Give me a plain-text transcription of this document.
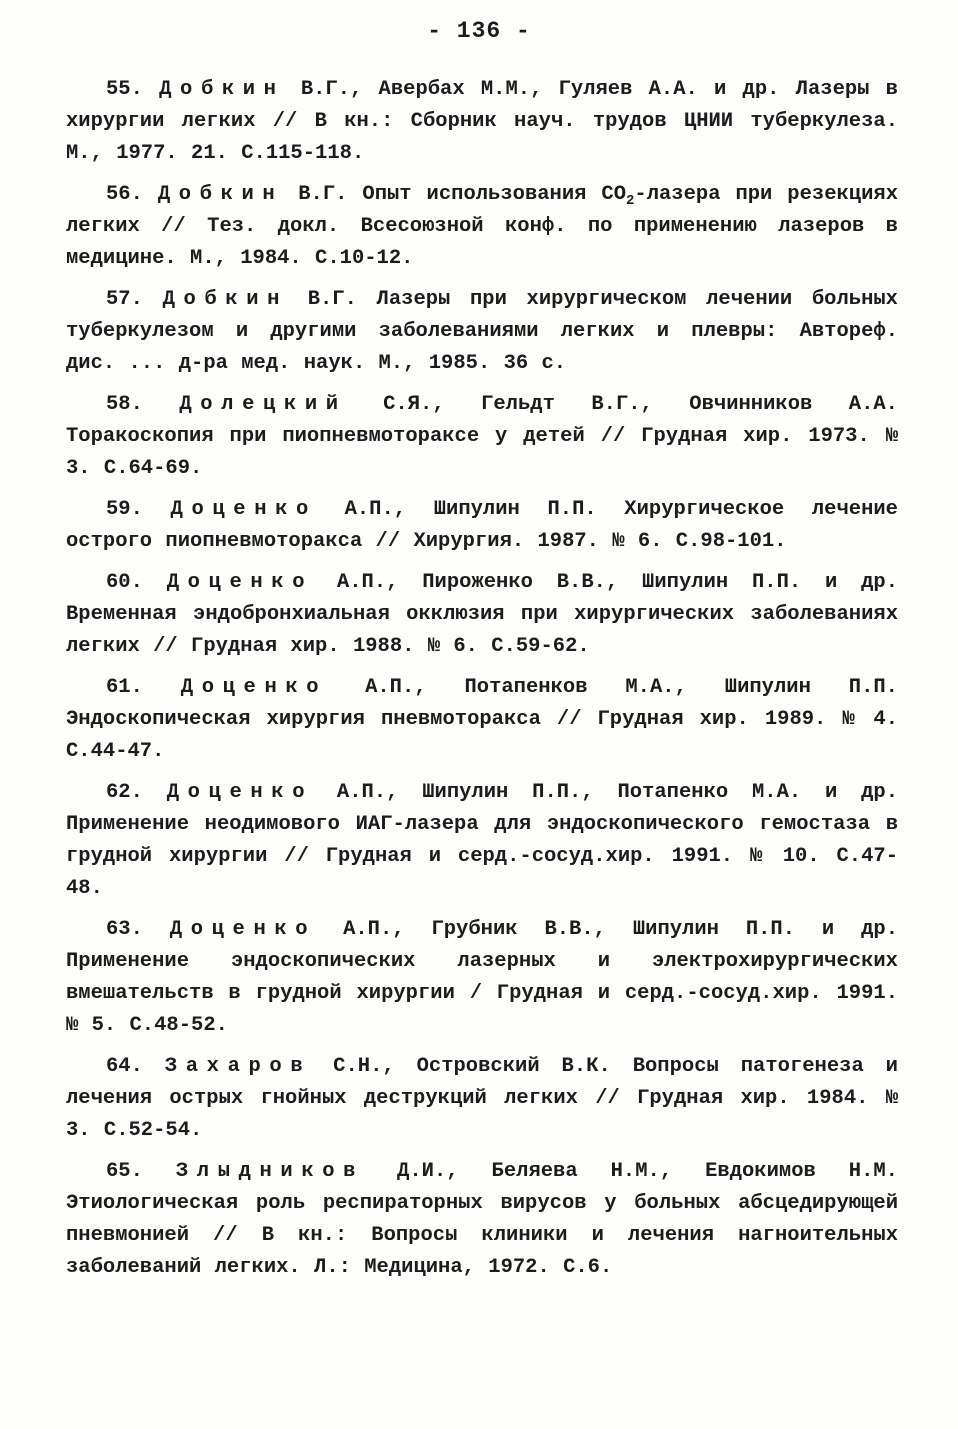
- 136 -

55. Добкин В.Г., Авербах М.М., Гуляев А.А. и др. Лазеры в хирургии легких // В кн.: Сборник науч. трудов ЦНИИ туберкулеза. М., 1977. 21. С.115-118.

56. Добкин В.Г. Опыт использования $CO_2$-лазера при резекциях легких // Тез. докл. Всесоюзной конф. по применению лазеров в медицине. М., 1984. С.10-12.

57. Добкин В.Г. Лазеры при хирургическом лечении больных туберкулезом и другими заболеваниями легких и плевры: Автореф. дис. ... д-ра мед. наук. М., 1985. 36 с.

58. Долецкий С.Я., Гельдт В.Г., Овчинников А.А. Торакоскопия при пиопневмотораксе у детей // Грудная хир. 1973. № 3. С.64-69.

59. Доценко А.П., Шипулин П.П. Хирургическое лечение острого пиопневмоторакса // Хирургия. 1987. № 6. С.98-101.

60. Доценко А.П., Пироженко В.В., Шипулин П.П. и др. Временная эндобронхиальная окклюзия при хирургических заболеваниях легких // Грудная хир. 1988. № 6. С.59-62.

61. Доценко А.П., Потапенков М.А., Шипулин П.П. Эндоскопическая хирургия пневмоторакса // Грудная хир. 1989. № 4. С.44-47.

62. Доценко А.П., Шипулин П.П., Потапенко М.А. и др. Применение неодимового ИАГ-лазера для эндоскопического гемостаза в грудной хирургии // Грудная и серд.-сосуд.хир. 1991. № 10. С.47-48.

63. Доценко А.П., Грубник В.В., Шипулин П.П. и др. Применение эндоскопических лазерных и электрохирургических вмешательств в грудной хирургии / Грудная и серд.-сосуд.хир. 1991. № 5. С.48-52.

64. Захаров С.Н., Островский В.К. Вопросы патогенеза и лечения острых гнойных деструкций легких // Грудная хир. 1984. № 3. С.52-54.

65. Злыдников Д.И., Беляева Н.М., Евдокимов Н.М. Этиологическая роль респираторных вирусов у больных абсцедирующей пневмонией // В кн.: Вопросы клиники и лечения нагноительных заболеваний легких. Л.: Медицина, 1972. С.6.
